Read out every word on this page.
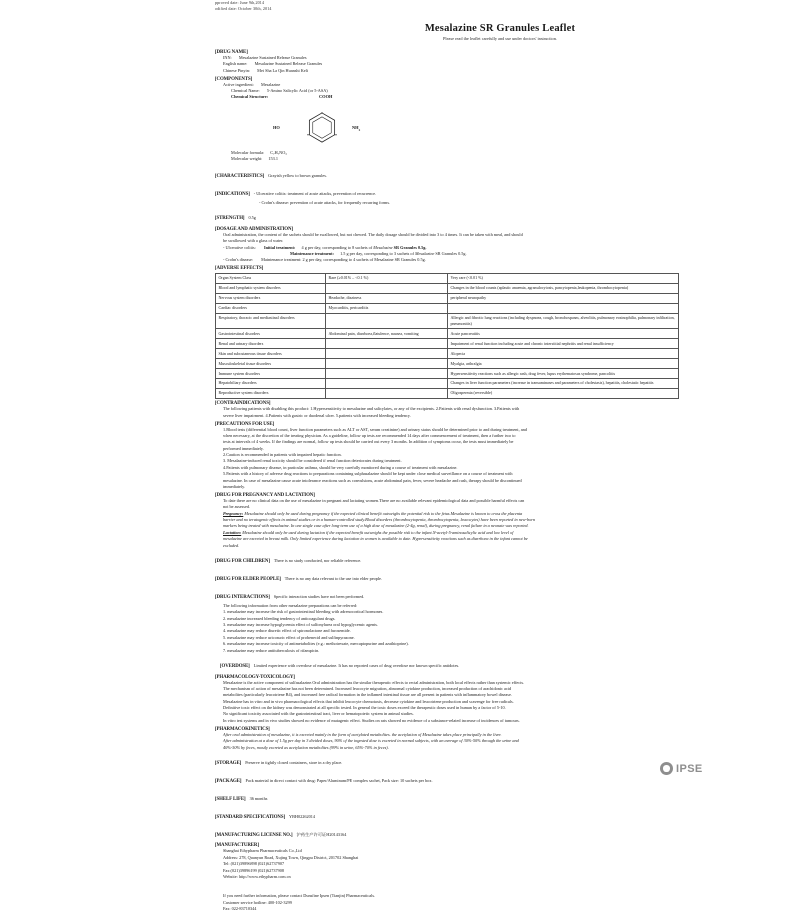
pproved date: June 9th,2014
odified date: October 30th, 2014
Mesalazine SR Granules Leaflet
Please read the leaflet carefully and use under doctors' instruction.
[DRUG NAME]
INN: Mesalazine Sustained Release Granules
English name: Mesalazine Sustained Release Granules
Chinese Pinyin: Mei Sha La Qin Huanshi Keli
[COMPONENTS]
Active ingredient: Mesalazine
Chemical Name: 5-Amino Salicylic Acid (or 5-ASA)
Chemical Structure:	COOH
HO	$NH_2$
Molecular formula: C₇H₇NO₃
Molecular weight: 153.1
[CHARACTERISTICS] Grayish yellow to brown granules.
[INDICATIONS] - Ulcerative colitis: treatment of acute attacks, prevention of recurrence.
- Crohn's disease: prevention of acute attacks, for frequently recurring forms.
[STRENGTH] 0.5g
[DOSAGE AND ADMINISTRATION]
Oral administration, the content of the sachets should be swallowed, but not chewed. The daily dosage should be divided into 3 to 4 times. It can be taken with meal, and should
be swallowed with a glass of water.
- Ulcerative colitis: Initial treatment: 4 g per day, corresponding to 8 sachets of Mesalazine SR Granules 0.5g.
Maintenance treatment: 1.5 g per day, corresponding to 3 sachets of Mesalazine SR Granules 0.5g.
- Crohn's disease: Maintenance treatment: 2 g per day, corresponding to 4 sachets of Mesalazine SR Granules 0.5g.
[ADVERSE EFFECTS]
Organ System Class	Rare (≥0.01% – <0.1 %)	Very rare (<0.01 %)
Blood and lymphatic system disorders		Changes in the blood counts (aplastic anaemia, agranulocytosis, pancytopenia,leukopenia, thrombocytopenia)
Nervous system disorders	Headache, dizziness	peripheral neuropathy
Cardiac disorders	Myocarditis, pericarditis	
Respiratory, thoracic and mediastinal disorders		Allergic and fibrotic lung reactions (including dyspnoea, cough, bronchospasm, alveolitis, pulmonary eosinophilia, pulmonary infiltration, pneumonitis)
Gastrointestinal disorders	Abdominal pain, diarrhoea,flatulence, nausea, vomiting	Acute pancreatitis
Renal and urinary disorders		Impairment of renal function including acute and chronic interstitial nephritis and renal insufficiency
Skin and subcutaneous tissue disorders		Alopecia
Musculoskeletal tissue disorders		Myalgia, arthralgia
Immune system disorders		Hypersensitivity reactions such as allergic rash, drug fever, lupus erythematosus syndrome, pancolitis
Hepatobiliary disorders		Changes in liver function parameters (increase in transaminases and parameters of cholestasis), hepatitis, cholestatic hepatitis
Reproductive system disorders		Oligospermia (reversible)
[CONTRAINDICATIONS]
The following patients with disabling this product: 1.Hypersensitivity to mesalazine and salicylates, or any of the excipients. 2.Patients with renal dysfunction. 3.Patients with
severe liver impairment. 4.Patients with gastric or duodenal ulcer. 5.patients with increased bleeding tendency.
[PRECAUTIONS FOR USE]
1.Blood tests (differential blood count, liver function parameters such as ALT or AST, serum creatinine) and urinary status should be determined prior to and during treatment, and
when necessary, at the discretion of the treating physician. As a guideline, follow up tests are recommended 14 days after commencement of treatment, then a further two to
tests at intervals of 4 weeks. If the findings are normal, follow up tests should be carried out every 3 months. In addition of symptoms occur, the tests must immediately be
performed immediately.
2.Caution is recommended in patients with impaired hepatic function.
3. Mesalazine-induced renal toxicity should be considered if renal function deteriorates during treatment.
4.Patients with pulmonary disease, in particular asthma, should be very carefully monitored during a course of treatment with mesalazine.
5.Patients with a history of adverse drug reactions to preparations containing sulphasalazine should be kept under close medical surveillance on a course of treatment with
mesalazine. In case of mesalazine cause acute intolerance reactions such as convulsions, acute abdominal pain, fever, severe headache and rash, therapy should be discontinued
immediately.
[DRUG FOR PREGNANCY AND LACTATION]
To date there are no clinical data on the use of mesalazine in pregnant and lactating women.There are no available relevant epidemiological data and possible harmful effects can
not be assessed.
Pregnancy: Mesalazine should only be used during pregnancy if the expected clinical benefit outweighs the potential risk to the fetus.Mesalazine is known to cross the placenta
barrier and no teratogenic effects in animal studies or in a human-controlled study.Blood disorders (thrombocytopenia, thrombocytopenia, leucocytes) have been reported in new-born
markers being treated with mesalazine. In one single case after long-term use of a high dose of mesalazine (2-4g, renal), during pregnancy, renal failure in a neonate was reported.
Lactation: Mesalazine should only be used during lactation if the expected benefit outweighs the possible risk to the infant.N-acetyl-5-aminosalicylic acid and low level of
mesalazine are excreted in breast milk. Only limited experience during lactation in women is available to date. Hypersensitivity reactions such as diarrhoea in the infant cannot be
excluded.
[DRUG FOR CHILDREN] There is no study conducted, nor reliable reference.
[DRUG FOR ELDER PEOPLE] There is no any data relevant to the use into elder people.
[DRUG INTERACTIONS] Specific interaction studies have not been performed.
The following information from other mesalazine preparations can be referred:
1. mesalazine may increase the risk of gastrointestinal bleeding with adrenocortical hormones.
2. mesalazine increased bleeding tendency of anticoagulant drugs.
3. mesalazine may increase hypoglycemia effect of sulfonylurea oral hypoglycemic agents.
4. mesalazine may reduce diuretic effect of spironolactone and furosemide.
5. mesalazine may reduce uricosuric effect of probenecid and sulfinpyrazone.
6. mesalazine may increase toxicity of antimetabolites (e.g.: methotrexate, mercaptopurine and azathioprine).
7. mesalazine may reduce antituberculosis of rifampicin.
[OVERDOSE] Limited experience with overdose of mesalazine. It has no reported cases of drug overdose nor known specific antidotes.
[PHARMACOLOGY-TOXICOLOGY]
Mesalazine is the active component of sulfasalazine.Oral administration has the similar therapeutic effects to rectal administration, both local effects rather than systemic effects.
The mechanism of action of mesalazine has not been determined. Increased leucocyte migration, abnormal cytokine production, increased production of arachidonic acid
metabolites (particularly leucotriene B4), and increased free radical formation in the inflamed intestinal tissue are all present in patients with inflammatory bowel disease.
Mesalazine has in vitro and in vivo pharmacological effects that inhibit leucocyte chemotaxis, decrease cytokine and leucotriene production and scavenge for free radicals.
Definitive toxic effect on the kidney was demonstrated at all specific tested. In general the toxic doses exceed the therapeutic doses used in human by a factor of 5-10.
No significant toxicity associated with the gastrointestinal tract, liver or hematopoietic system in animal studies.
In vitro test systems and in vivo studies showed no evidence of mutagenic effect. Studies on rats showed no evidence of a substance-related increase of incidences of tumours.
[PHARMACOKINETICS]
After oral administration of mesalazine, it is excreted mainly in the form of acetylated metabolites. the acetylation of Mesalazine takes place principally in the liver.
After administration at a dose of 1.5g per day in 3 divided doses, 90% of the ingested dose is excreted in normal subjects, with an average of 30%-50% through the urine and
40%-50% by feces, mostly excreted as acetylation metabolites (99% in urine, 65%-70% in feces).
[STORAGE] Preserve in tightly closed containers, store in a dry place.
[PACKAGE] Pack material in direct contact with drug: Paper/Aluminum/PE complex sachet, Pack size: 10 sachets per box.
[SHELF LIFE] 36 months
[STANDARD SPECIFICATIONS] YBH02262014
[MANUFACTURING LICENSE NO.] 沪药生产许可证H20143164
[MANUFACTURER]
Shanghai Ethypharm Pharmaceuticals Co.,Ltd
Address: 278, Quanyun Road, Xujing Town, Qingpu District, 201702 Shanghai
Tel: (021)39896898 (021)62737907
Fax:(021)39896199 (021)62737908
Website: http://www.ethypharm.com.cn
If you need further information, please contact Dunsfine Ipsen (Tianjin) Pharmaceuticals.
Customer service hotline: 400-102-3299
Fax: 022-83710344
IPSE
